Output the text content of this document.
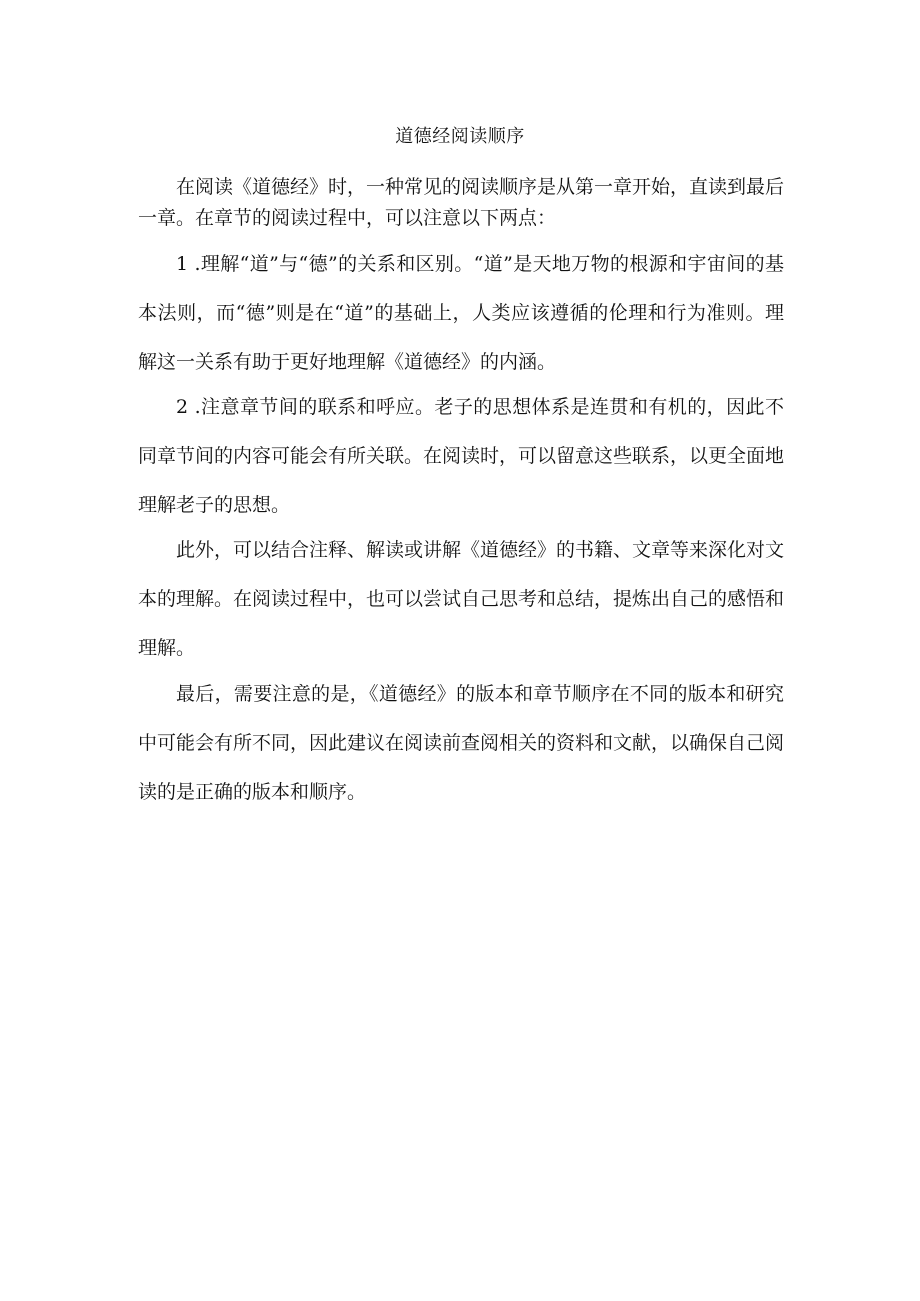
道德经阅读顺序

在阅读《道德经》时，一种常见的阅读顺序是从第一章开始，直读到最后一章。在章节的阅读过程中，可以注意以下两点：

1 .理解“道”与“德”的关系和区别。“道”是天地万物的根源和宇宙间的基本法则，而“德”则是在“道”的基础上，人类应该遵循的伦理和行为准则。理解这一关系有助于更好地理解《道德经》的内涵。

2 .注意章节间的联系和呼应。老子的思想体系是连贯和有机的，因此不同章节间的内容可能会有所关联。在阅读时，可以留意这些联系，以更全面地理解老子的思想。

此外，可以结合注释、解读或讲解《道德经》的书籍、文章等来深化对文本的理解。在阅读过程中，也可以尝试自己思考和总结，提炼出自己的感悟和理解。

最后，需要注意的是，《道德经》的版本和章节顺序在不同的版本和研究中可能会有所不同，因此建议在阅读前查阅相关的资料和文献，以确保自己阅读的是正确的版本和顺序。
